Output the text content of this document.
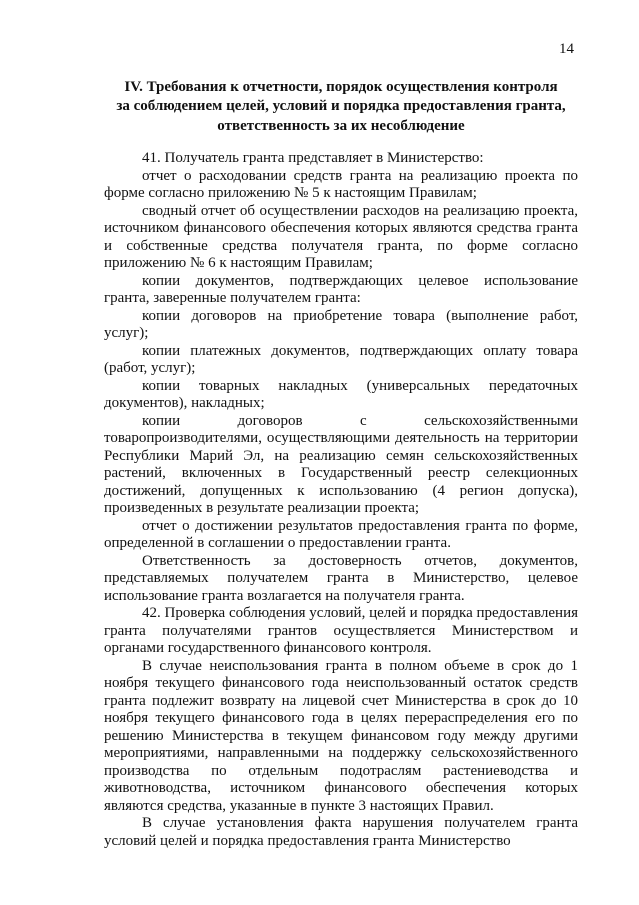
14
IV. Требования к отчетности, порядок осуществления контроля
за соблюдением целей, условий и порядка предоставления гранта,
ответственность за их несоблюдение

41. Получатель гранта представляет в Министерство:

отчет о расходовании средств гранта на реализацию проекта по форме согласно приложению № 5 к настоящим Правилам;

сводный отчет об осуществлении расходов на реализацию проекта, источником финансового обеспечения которых являются средства гранта и собственные средства получателя гранта, по форме согласно приложению № 6 к настоящим Правилам;

копии документов, подтверждающих целевое использование гранта, заверенные получателем гранта:

копии договоров на приобретение товара (выполнение работ, услуг);

копии платежных документов, подтверждающих оплату товара (работ, услуг);

копии товарных накладных (универсальных передаточных документов), накладных;

копии договоров с сельскохозяйственными товаропроизводителями, осуществляющими деятельность на территории Республики Марий Эл, на реализацию семян сельскохозяйственных растений, включенных в Государственный реестр селекционных достижений, допущенных к использованию (4 регион допуска), произведенных в результате реализации проекта;

отчет о достижении результатов предоставления гранта по форме, определенной в соглашении о предоставлении гранта.

Ответственность за достоверность отчетов, документов, представляемых получателем гранта в Министерство, целевое использование гранта возлагается на получателя гранта.

42. Проверка соблюдения условий, целей и порядка предоставления гранта получателями грантов осуществляется Министерством и органами государственного финансового контроля.

В случае неиспользования гранта в полном объеме в срок до 1 ноября текущего финансового года неиспользованный остаток средств гранта подлежит возврату на лицевой счет Министерства в срок до 10 ноября текущего финансового года в целях перераспределения его по решению Министерства в текущем финансовом году между другими мероприятиями, направленными на поддержку сельскохозяйственного производства по отдельным подотраслям растениеводства и животноводства, источником финансового обеспечения которых являются средства, указанные в пункте 3 настоящих Правил.

В случае установления факта нарушения получателем гранта условий целей и порядка предоставления гранта Министерство
